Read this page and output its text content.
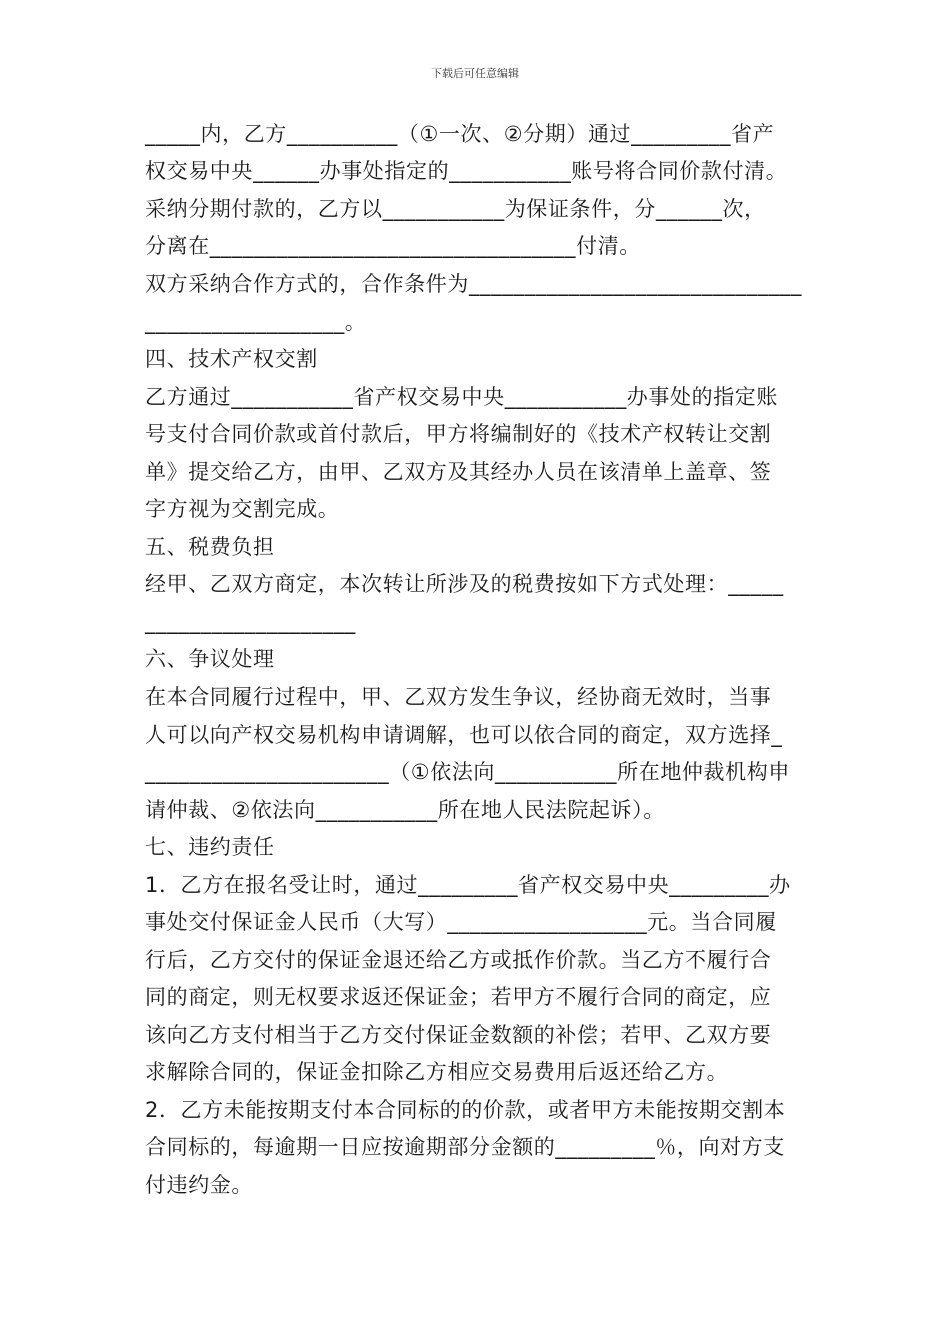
下载后可任意编辑
_____内，乙方__________（①一次、②分期）通过_________省产
权交易中央______办事处指定的___________账号将合同价款付清。
采纳分期付款的，乙方以___________为保证条件，分______次，
分离在_________________________________付清。
双方采纳合作方式的，合作条件为______________________________
__________________。
四、技术产权交割
乙方通过___________省产权交易中央___________办事处的指定账
号支付合同价款或首付款后，甲方将编制好的《技术产权转让交割
单》提交给乙方，由甲、乙双方及其经办人员在该清单上盖章、签
字方视为交割完成。
五、税费负担
经甲、乙双方商定，本次转让所涉及的税费按如下方式处理：_____
___________________
六、争议处理
在本合同履行过程中，甲、乙双方发生争议，经协商无效时，当事
人可以向产权交易机构申请调解，也可以依合同的商定，双方选择_
______________________（①依法向___________所在地仲裁机构申
请仲裁、②依法向___________所在地人民法院起诉）。
七、违约责任
1．乙方在报名受让时，通过_________省产权交易中央_________办
事处交付保证金人民币（大写）__________________元。当合同履
行后，乙方交付的保证金退还给乙方或抵作价款。当乙方不履行合
同的商定，则无权要求返还保证金；若甲方不履行合同的商定，应
该向乙方支付相当于乙方交付保证金数额的补偿；若甲、乙双方要
求解除合同的，保证金扣除乙方相应交易费用后返还给乙方。
2．乙方未能按期支付本合同标的的价款，或者甲方未能按期交割本
合同标的，每逾期一日应按逾期部分金额的_________％，向对方支
付违约金。
